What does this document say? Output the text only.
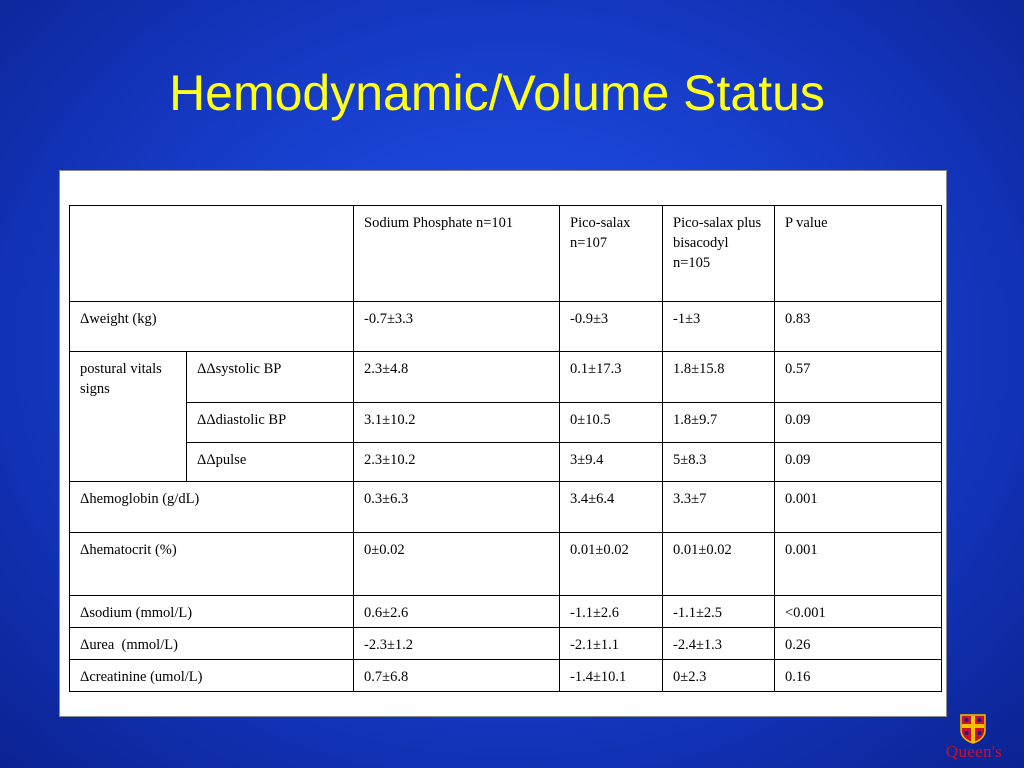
Hemodynamic/Volume Status
		Sodium Phosphate n=101	Pico-salax n=107	Pico-salax plus bisacodyl n=105	P value
Δweight (kg)		-0.7±3.3	-0.9±3	-1±3	0.83
postural vitals signs	ΔΔsystolic BP	2.3±4.8	0.1±17.3	1.8±15.8	0.57
	ΔΔdiastolic BP	3.1±10.2	0±10.5	1.8±9.7	0.09
	ΔΔpulse	2.3±10.2	3±9.4	5±8.3	0.09
Δhemoglobin (g/dL)		0.3±6.3	3.4±6.4	3.3±7	0.001
Δhematocrit (%)		0±0.02	0.01±0.02	0.01±0.02	0.001
Δsodium (mmol/L)		0.6±2.6	-1.1±2.6	-1.1±2.5	<0.001
Δurea  (mmol/L)		-2.3±1.2	-2.1±1.1	-2.4±1.3	0.26
Δcreatinine (umol/L)		0.7±6.8	-1.4±10.1	0±2.3	0.16
Queen's
